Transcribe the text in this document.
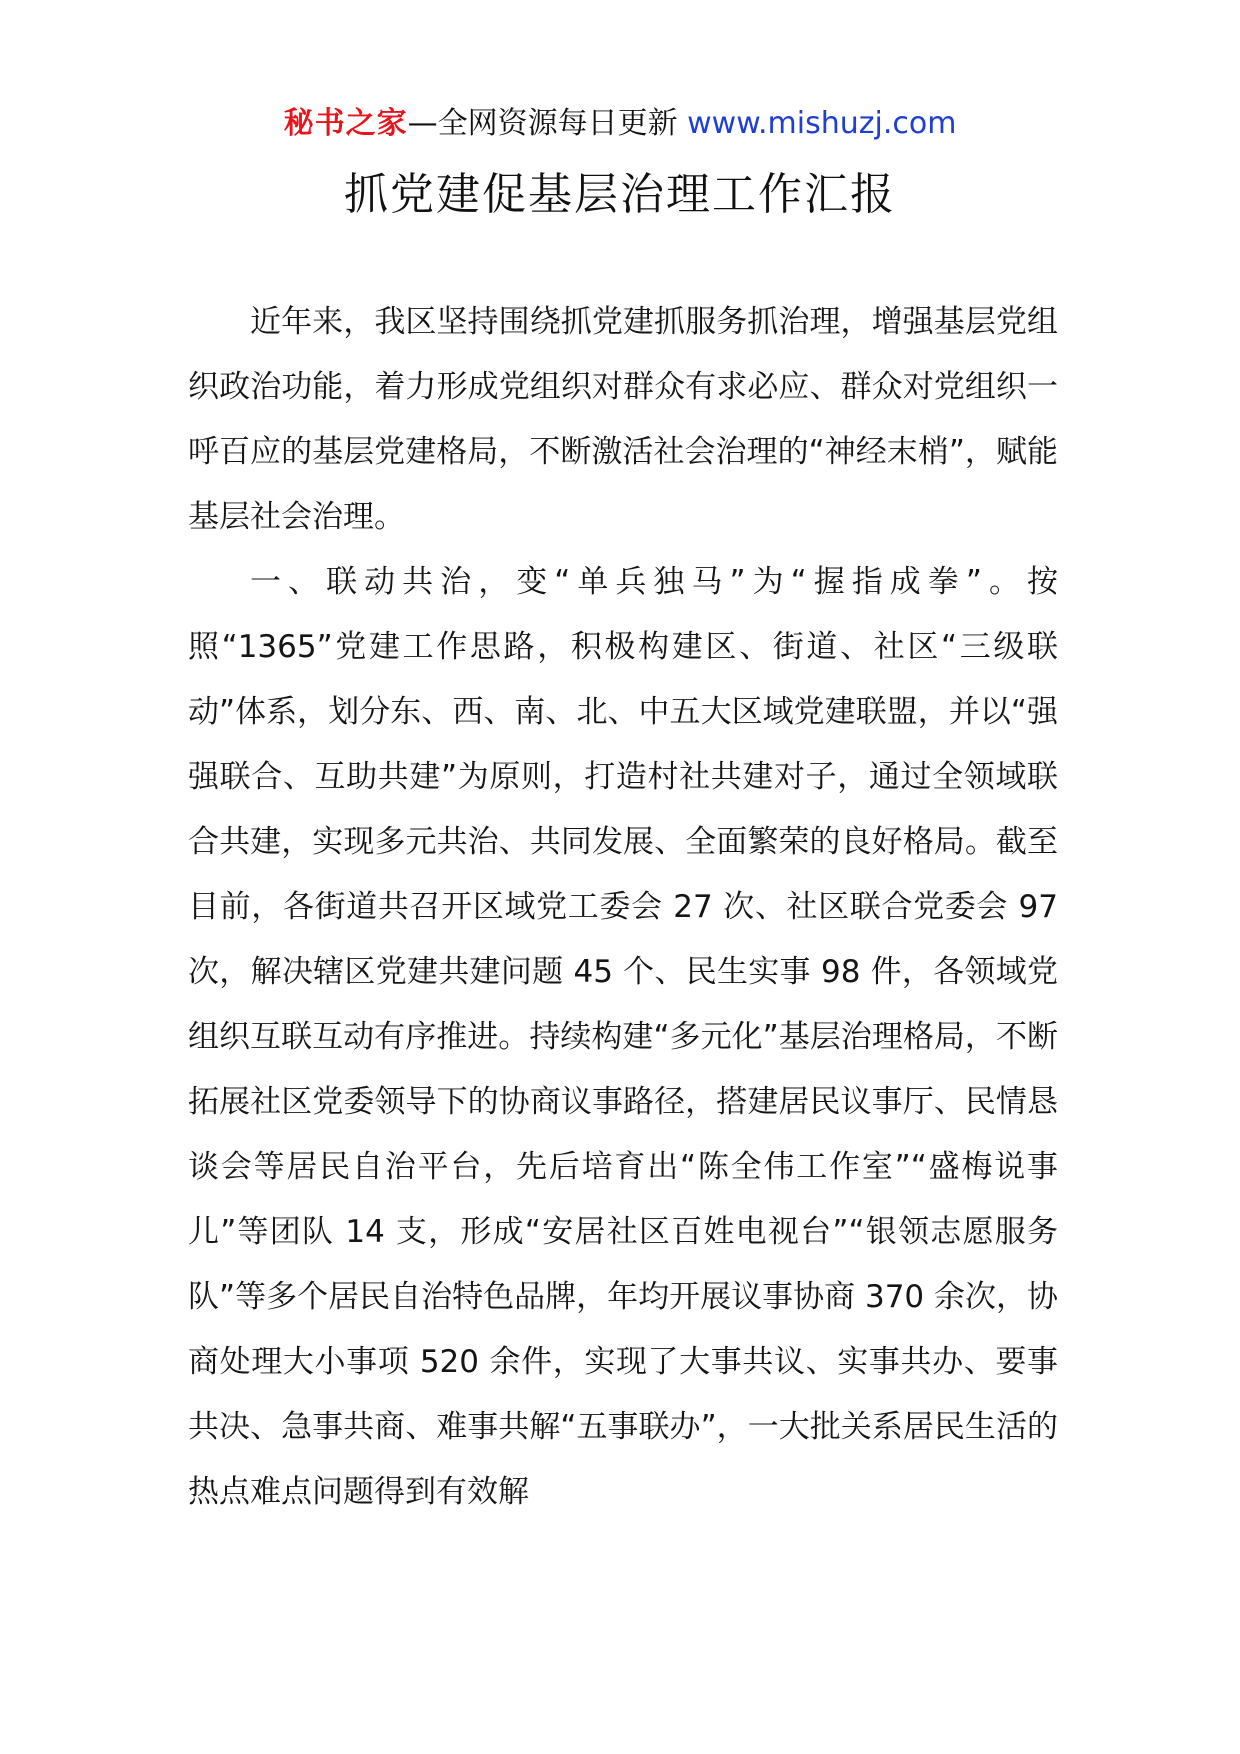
秘书之家—全网资源每日更新 www.mishuzj.com
抓党建促基层治理工作汇报

近年来，我区坚持围绕抓党建抓服务抓治理，增强基层党组织政治功能，着力形成党组织对群众有求必应、群众对党组织一呼百应的基层党建格局，不断激活社会治理的“神经末梢”，赋能基层社会治理。

一、联动共治，变“单兵独马”为“握指成拳”。按照“1365”党建工作思路，积极构建区、街道、社区“三级联动”体系，划分东、西、南、北、中五大区域党建联盟，并以“强强联合、互助共建”为原则，打造村社共建对子，通过全领域联合共建，实现多元共治、共同发展、全面繁荣的良好格局。截至目前，各街道共召开区域党工委会 27 次、社区联合党委会 97 次，解决辖区党建共建问题 45 个、民生实事 98 件，各领域党组织互联互动有序推进。持续构建“多元化”基层治理格局，不断拓展社区党委领导下的协商议事路径，搭建居民议事厅、民情恳谈会等居民自治平台，先后培育出“陈全伟工作室”“盛梅说事儿”等团队 14 支，形成“安居社区百姓电视台”“银领志愿服务队”等多个居民自治特色品牌，年均开展议事协商 370 余次，协商处理大小事项 520 余件，实现了大事共议、实事共办、要事共决、急事共商、难事共解“五事联办”，一大批关系居民生活的热点难点问题得到有效解
